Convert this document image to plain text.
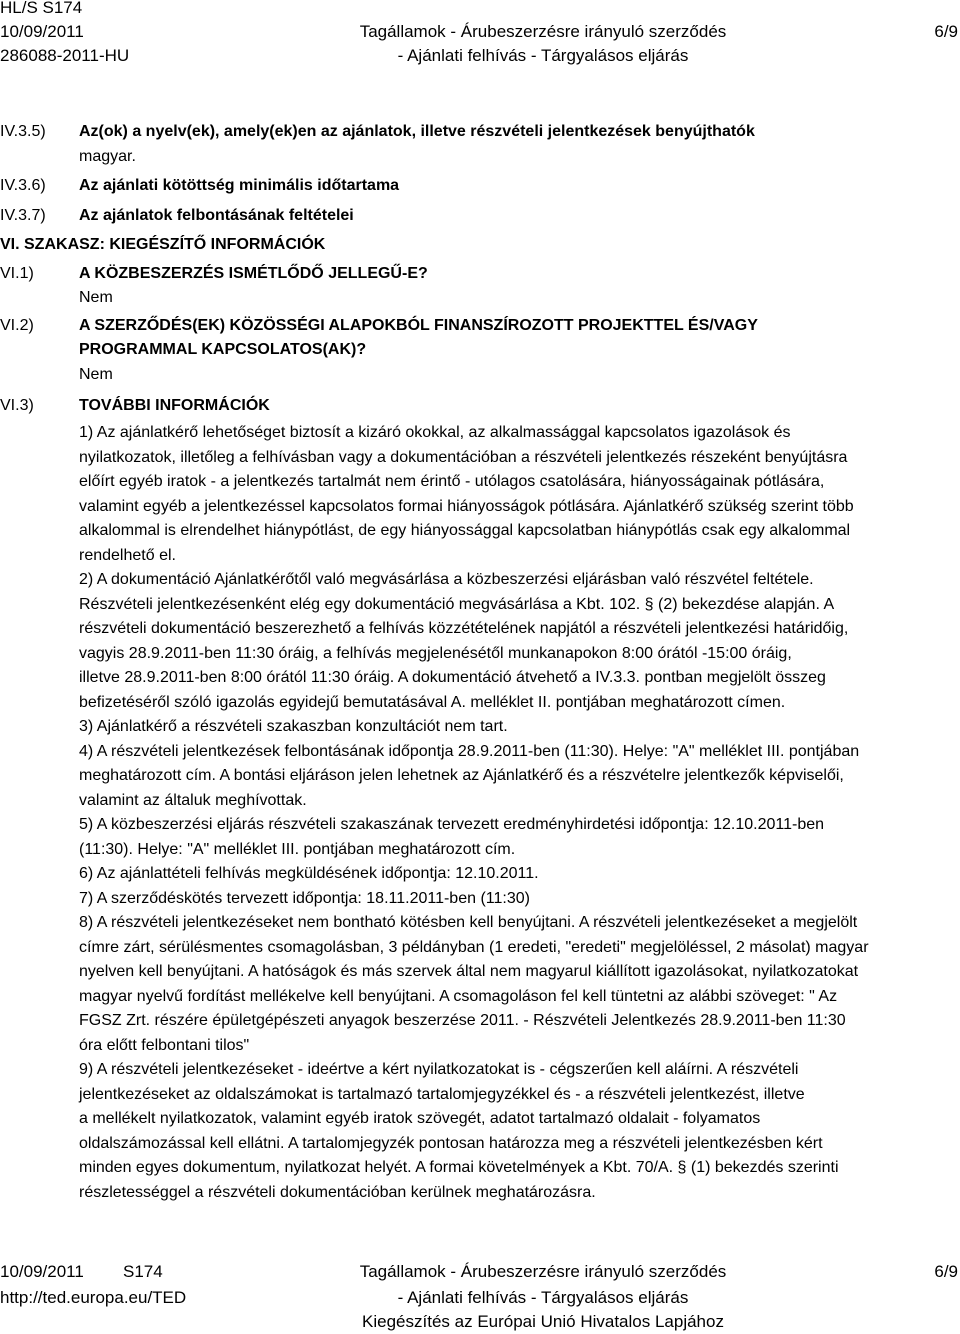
HL/S S174
10/09/2011
286088-2011-HU
Tagállamok - Árubeszerzésre irányuló szerződés
- Ajánlati felhívás - Tárgyalásos eljárás
6/9
IV.3.5) Az(ok) a nyelv(ek), amely(ek)en az ajánlatok, illetve részvételi jelentkezések benyújthatók
magyar.
IV.3.6) Az ajánlati kötöttség minimális időtartama
IV.3.7) Az ajánlatok felbontásának feltételei
VI. SZAKASZ: KIEGÉSZÍTŐ INFORMÁCIÓK
VI.1)	A KÖZBESZERZÉS ISMÉTLŐDŐ JELLEGŰ-E?
Nem
VI.2)	A SZERZŐDÉS(EK) KÖZÖSSÉGI ALAPOKBÓL FINANSZÍROZOTT PROJEKTTEL ÉS/VAGY
PROGRAMMAL KAPCSOLATOS(AK)?
Nem
VI.3)	TOVÁBBI INFORMÁCIÓK
1) Az ajánlatkérő lehetőséget biztosít a kizáró okokkal, az alkalmassággal kapcsolatos igazolások és
nyilatkozatok, illetőleg a felhívásban vagy a dokumentációban a részvételi jelentkezés részeként benyújtásra
előírt egyéb iratok - a jelentkezés tartalmát nem érintő - utólagos csatolására, hiányosságainak pótlására,
valamint egyéb a jelentkezéssel kapcsolatos formai hiányosságok pótlására. Ajánlatkérő szükség szerint több
alkalommal is elrendelhet hiánypótlást, de egy hiányossággal kapcsolatban hiánypótlás csak egy alkalommal
rendelhető el.
2) A dokumentáció Ajánlatkérőtől való megvásárlása a közbeszerzési eljárásban való részvétel feltétele.
Részvételi jelentkezésenként elég egy dokumentáció megvásárlása a Kbt. 102. § (2) bekezdése alapján. A
részvételi dokumentáció beszerezhető a felhívás közzétételének napjától a részvételi jelentkezési határidőig,
vagyis 28.9.2011-ben 11:30 óráig, a felhívás megjelenésétől munkanapokon 8:00 órától -15:00 óráig,
illetve 28.9.2011-ben 8:00 órától 11:30 óráig. A dokumentáció átvehető a IV.3.3. pontban megjelölt összeg
befizetéséről szóló igazolás egyidejű bemutatásával A. melléklet II. pontjában meghatározott címen.
3) Ajánlatkérő a részvételi szakaszban konzultációt nem tart.
4) A részvételi jelentkezések felbontásának időpontja 28.9.2011-ben (11:30). Helye: "A" melléklet III. pontjában
meghatározott cím. A bontási eljáráson jelen lehetnek az Ajánlatkérő és a részvételre jelentkezők képviselői,
valamint az általuk meghívottak.
5) A közbeszerzési eljárás részvételi szakaszának tervezett eredményhirdetési időpontja: 12.10.2011-ben
(11:30). Helye: "A" melléklet III. pontjában meghatározott cím.
6) Az ajánlattételi felhívás megküldésének időpontja: 12.10.2011.
7) A szerződéskötés tervezett időpontja: 18.11.2011-ben (11:30)
8) A részvételi jelentkezéseket nem bontható kötésben kell benyújtani. A részvételi jelentkezéseket a megjelölt
címre zárt, sérülésmentes csomagolásban, 3 példányban (1 eredeti, "eredeti" megjelöléssel, 2 másolat) magyar
nyelven kell benyújtani. A hatóságok és más szervek által nem magyarul kiállított igazolásokat, nyilatkozatokat
magyar nyelvű fordítást mellékelve kell benyújtani. A csomagoláson fel kell tüntetni az alábbi szöveget: " Az
FGSZ Zrt. részére épületgépészeti anyagok beszerzése 2011. - Részvételi Jelentkezés 28.9.2011-ben 11:30
óra előtt felbontani tilos"
9) A részvételi jelentkezéseket - ideértve a kért nyilatkozatokat is - cégszerűen kell aláírni. A részvételi
jelentkezéseket az oldalszámokat is tartalmazó tartalomjegyzékkel és - a részvételi jelentkezést, illetve
a mellékelt nyilatkozatok, valamint egyéb iratok szövegét, adatot tartalmazó oldalait - folyamatos
oldalszámozással kell ellátni. A tartalomjegyzék pontosan határozza meg a részvételi jelentkezésben kért
minden egyes dokumentum, nyilatkozat helyét. A formai követelmények a Kbt. 70/A. § (1) bekezdés szerinti
részletességgel a részvételi dokumentációban kerülnek meghatározásra.
10/09/2011 S174
http://ted.europa.eu/TED
Tagállamok - Árubeszerzésre irányuló szerződés
- Ajánlati felhívás - Tárgyalásos eljárás
Kiegészítés az Európai Unió Hivatalos Lapjához
6/9
